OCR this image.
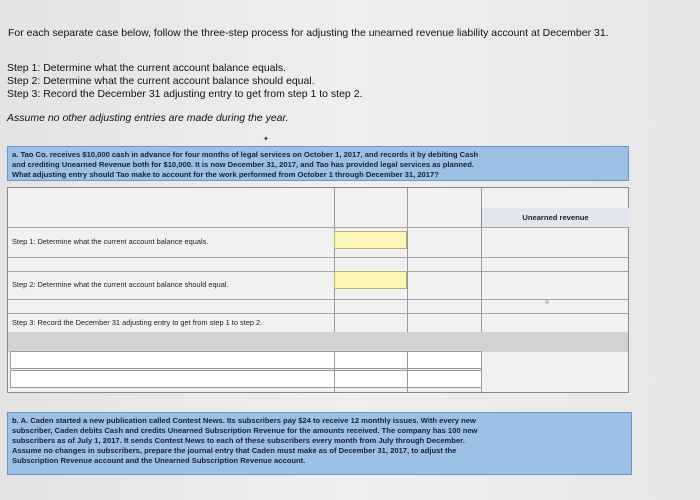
For each separate case below, follow the three-step process for adjusting the unearned revenue liability account at December 31.
Step 1: Determine what the current account balance equals.
Step 2: Determine what the current account balance should equal.
Step 3: Record the December 31 adjusting entry to get from step 1 to step 2.
Assume no other adjusting entries are made during the year.
✦
a. Tao Co. receives $10,000 cash in advance for four months of legal services on October 1, 2017, and records it by debiting Cash
and crediting Unearned Revenue both for $10,000. It is now December 31, 2017, and Tao has provided legal services as planned.
What adjusting entry should Tao make to account for the work performed from October 1 through December 31, 2017?
Unearned revenue
Step 1: Determine what the current account balance equals.
Step 2: Determine what the current account balance should equal.
Step 3: Record the December 31 adjusting entry to get from step 1 to step 2.
b. A. Caden started a new publication called Contest News. Its subscribers pay $24 to receive 12 monthly issues. With every new
subscriber, Caden debits Cash and credits Unearned Subscription Revenue for the amounts received. The company has 100 new
subscribers as of July 1, 2017. It sends Contest News to each of these subscribers every month from July through December.
Assume no changes in subscribers, prepare the journal entry that Caden must make as of December 31, 2017, to adjust the
Subscription Revenue account and the Unearned Subscription Revenue account.
